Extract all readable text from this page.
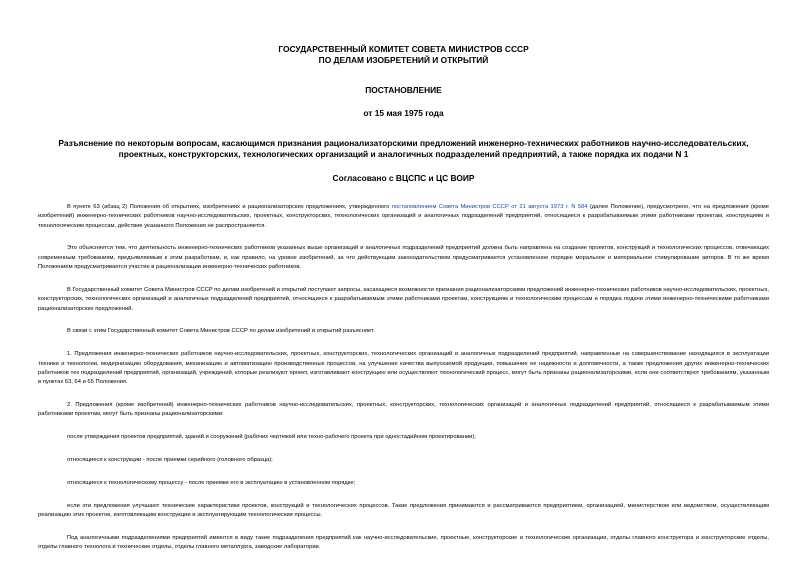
ГОСУДАРСТВЕННЫЙ КОМИТЕТ СОВЕТА МИНИСТРОВ СССР
ПО ДЕЛАМ ИЗОБРЕТЕНИЙ И ОТКРЫТИЙ
ПОСТАНОВЛЕНИЕ
от 15 мая 1975 года
Разъяснение по некоторым вопросам, касающимся признания рационализаторскими предложений инженерно-технических работников научно-исследовательских,
проектных, конструкторских, технологических организаций и аналогичных подразделений предприятий, а также порядка их подачи N 1
Согласовано с ВЦСПС и ЦС ВОИР

В пункте 63 (абзац 2) Положения об открытиях, изобретениях и рационализаторских предложениях, утвержденного постановлением Совета Министров СССР от 21 августа 1973 г. N 584 (далее Положение), предусмотрено, что на предложения (кроме изобретений) инженерно-технических работников научно-исследовательских, проектных, конструкторских, технологических организаций и аналогичных подразделений предприятий, относящиеся к разрабатываемым этими работниками проектам, конструкциям и технологическим процессам, действие указанного Положения не распространяется.

Это объясняется тем, что деятельность инженерно-технических работников указанных выше организаций и аналогичных подразделений предприятий должна быть направлена на создание проектов, конструкций и технологических процессов, отвечающих современным требованиям, предъявляемым к этим разработкам, и, как правило, на уровне изобретений, за что действующим законодательством предусматривается установленное порядке моральное и материальное стимулирование авторов. В то же время Положением предусматривается участие в рационализации инженерно-технических работников.

В Государственный комитет Совета Министров СССР по делам изобретений и открытий поступают запросы, касающиеся возможности признания рационализаторскими предложений инженерно-технических работников научно-исследовательских, проектных, конструкторских, технологических организаций и аналогичных подразделений предприятий, относящихся к разрабатываемым этими работниками проектам, конструкциям и технологическим процессам и порядка подачи этими инженерно-техническими работниками рационализаторских предложений.

В связи с этим Государственный комитет Совета Министров СССР по делам изобретений и открытий разъясняет.

1. Предложения инженерно-технических работников научно-исследовательских, проектных, конструкторских, технологических организаций и аналогичных подразделений предприятий, направленные на совершенствование находящихся в эксплуатации техники и технологии, модернизацию оборудования, механизацию и автоматизацию производственных процессов, на улучшение качества выпускаемой продукции, повышение ее надежности и долговечности, а также предложения других инженерно-технических работников тех подразделений предприятий, организаций, учреждений, которые реализуют проект, изготавливают конструкцию или осуществляют технологический процесс, могут быть признаны рационализаторскими, если они соответствуют требованиям, указанным в пунктах 63, 64 и 65 Положения.

2. Предложения (кроме изобретений) инженерно-технических работников научно-исследовательских, проектных, конструкторских, технологических организаций и аналогичных подразделений предприятий, относящиеся к разрабатываемым этими работниками проектам, могут быть признаны рационализаторскими:

после утверждения проектов предприятий, зданий и сооружений (рабочих чертежей или техно-рабочего проекта при одностадийном проектировании);

относящиеся к конструкции - после приемки серийного (головного образца);

относящиеся к технологическому процессу - после приемки его в эксплуатацию в установленном порядке;

если эти предложения улучшают технические характеристики проектов, конструкций и технологических процессов. Такие предложения принимаются и рассматриваются предприятием, организацией, министерством или ведомством, осуществляющим реализацию этих проектов, изготовляющим конструкции и эксплуатирующим технологические процессы.

Под аналогичными подразделениями предприятий имеются в виду такие подразделения предприятий как научно-исследовательские, проектные, конструкторские и технологические организации, отделы главного конструктора и конструкторские отделы, отделы главного технолога и технические отделы, отделы главного металлурга, заводские лаборатории.
